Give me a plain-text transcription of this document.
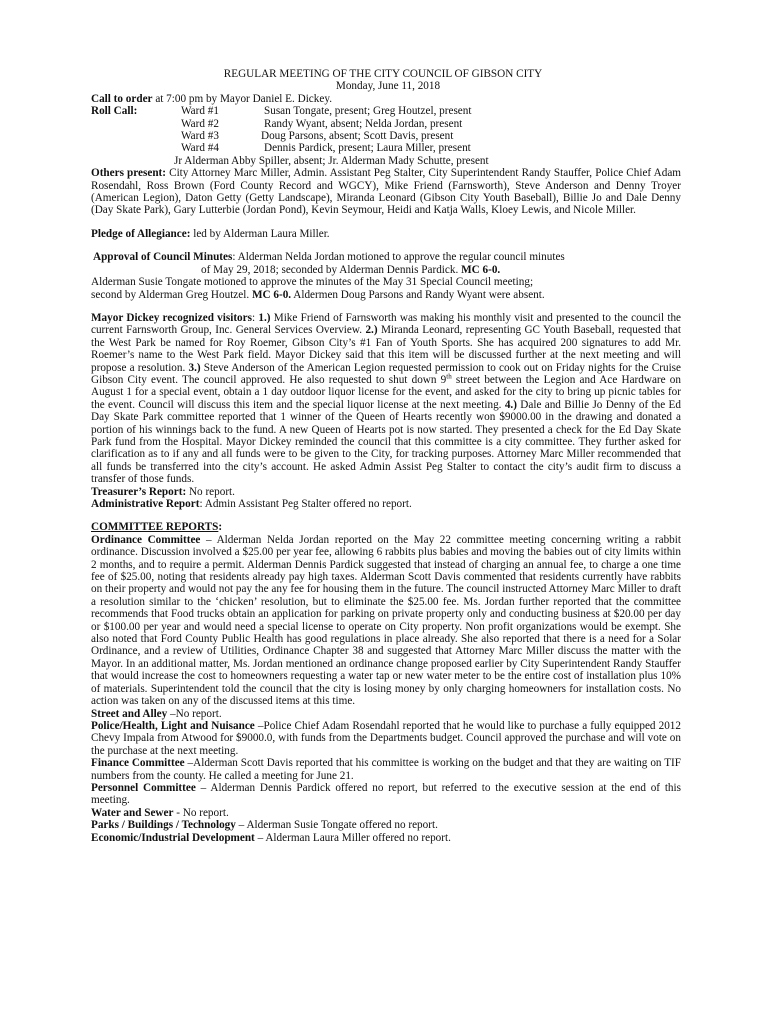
REGULAR MEETING OF THE CITY COUNCIL OF GIBSON CITY

Monday, June 11, 2018

Call to order at 7:00 pm by Mayor Daniel E. Dickey.

Roll Call:	Ward #1	Susan Tongate, present; Greg Houtzel, present
Ward #2	Randy Wyant, absent; Nelda Jordan, present
Ward #3	Doug Parsons, absent; Scott Davis, present
Ward #4	Dennis Pardick, present; Laura Miller, present

Jr Alderman Abby Spiller, absent; Jr. Alderman Mady Schutte, present

Others present: City Attorney Marc Miller, Admin. Assistant Peg Stalter, City Superintendent Randy Stauffer, Police Chief Adam Rosendahl, Ross Brown (Ford County Record and WGCY), Mike Friend (Farnsworth), Steve Anderson and Denny Troyer (American Legion), Daton Getty (Getty Landscape), Miranda Leonard (Gibson City Youth Baseball), Billie Jo and Dale Denny (Day Skate Park), Gary Lutterbie (Jordan Pond), Kevin Seymour, Heidi and Katja Walls, Kloey Lewis, and Nicole Miller.

Pledge of Allegiance: led by Alderman Laura Miller.

Approval of Council Minutes: Alderman Nelda Jordan motioned to approve the regular council minutes

of May 29, 2018; seconded by Alderman Dennis Pardick. MC 6-0.

Alderman Susie Tongate motioned to approve the minutes of the May 31 Special Council meeting;

second by Alderman Greg Houtzel. MC 6-0. Aldermen Doug Parsons and Randy Wyant were absent.

Mayor Dickey recognized visitors: 1.) Mike Friend of Farnsworth was making his monthly visit and presented to the council the current Farnsworth Group, Inc. General Services Overview. 2.) Miranda Leonard, representing GC Youth Baseball, requested that the West Park be named for Roy Roemer, Gibson City’s #1 Fan of Youth Sports. She has acquired 200 signatures to add Mr. Roemer’s name to the West Park field. Mayor Dickey said that this item will be discussed further at the next meeting and will propose a resolution. 3.) Steve Anderson of the American Legion requested permission to cook out on Friday nights for the Cruise Gibson City event. The council approved. He also requested to shut down 9th street between the Legion and Ace Hardware on August 1 for a special event, obtain a 1 day outdoor liquor license for the event, and asked for the city to bring up picnic tables for the event. Council will discuss this item and the special liquor license at the next meeting. 4.) Dale and Billie Jo Denny of the Ed Day Skate Park committee reported that 1 winner of the Queen of Hearts recently won $9000.00 in the drawing and donated a portion of his winnings back to the fund. A new Queen of Hearts pot is now started. They presented a check for the Ed Day Skate Park fund from the Hospital. Mayor Dickey reminded the council that this committee is a city committee. They further asked for clarification as to if any and all funds were to be given to the City, for tracking purposes. Attorney Marc Miller recommended that all funds be transferred into the city’s account. He asked Admin Assist Peg Stalter to contact the city’s audit firm to discuss a transfer of those funds.

Treasurer’s Report: No report.

Administrative Report: Admin Assistant Peg Stalter offered no report.

COMMITTEE REPORTS:

Ordinance Committee – Alderman Nelda Jordan reported on the May 22 committee meeting concerning writing a rabbit ordinance. Discussion involved a $25.00 per year fee, allowing 6 rabbits plus babies and moving the babies out of city limits within 2 months, and to require a permit. Alderman Dennis Pardick suggested that instead of charging an annual fee, to charge a one time fee of $25.00, noting that residents already pay high taxes. Alderman Scott Davis commented that residents currently have rabbits on their property and would not pay the any fee for housing them in the future. The council instructed Attorney Marc Miller to draft a resolution similar to the ‘chicken’ resolution, but to eliminate the $25.00 fee. Ms. Jordan further reported that the committee recommends that Food trucks obtain an application for parking on private property only and conducting business at $20.00 per day or $100.00 per year and would need a special license to operate on City property. Non profit organizations would be exempt. She also noted that Ford County Public Health has good regulations in place already. She also reported that there is a need for a Solar Ordinance, and a review of Utilities, Ordinance Chapter 38 and suggested that Attorney Marc Miller discuss the matter with the Mayor. In an additional matter, Ms. Jordan mentioned an ordinance change proposed earlier by City Superintendent Randy Stauffer that would increase the cost to homeowners requesting a water tap or new water meter to be the entire cost of installation plus 10% of materials. Superintendent told the council that the city is losing money by only charging homeowners for installation costs. No action was taken on any of the discussed items at this time.

Street and Alley –No report.

Police/Health, Light and Nuisance –Police Chief Adam Rosendahl reported that he would like to purchase a fully equipped 2012 Chevy Impala from Atwood for $9000.0, with funds from the Departments budget. Council approved the purchase and will vote on the purchase at the next meeting.

Finance Committee –Alderman Scott Davis reported that his committee is working on the budget and that they are waiting on TIF numbers from the county. He called a meeting for June 21.

Personnel Committee – Alderman Dennis Pardick offered no report, but referred to the executive session at the end of this meeting.

Water and Sewer - No report.

Parks / Buildings / Technology – Alderman Susie Tongate offered no report.

Economic/Industrial Development – Alderman Laura Miller offered no report.
